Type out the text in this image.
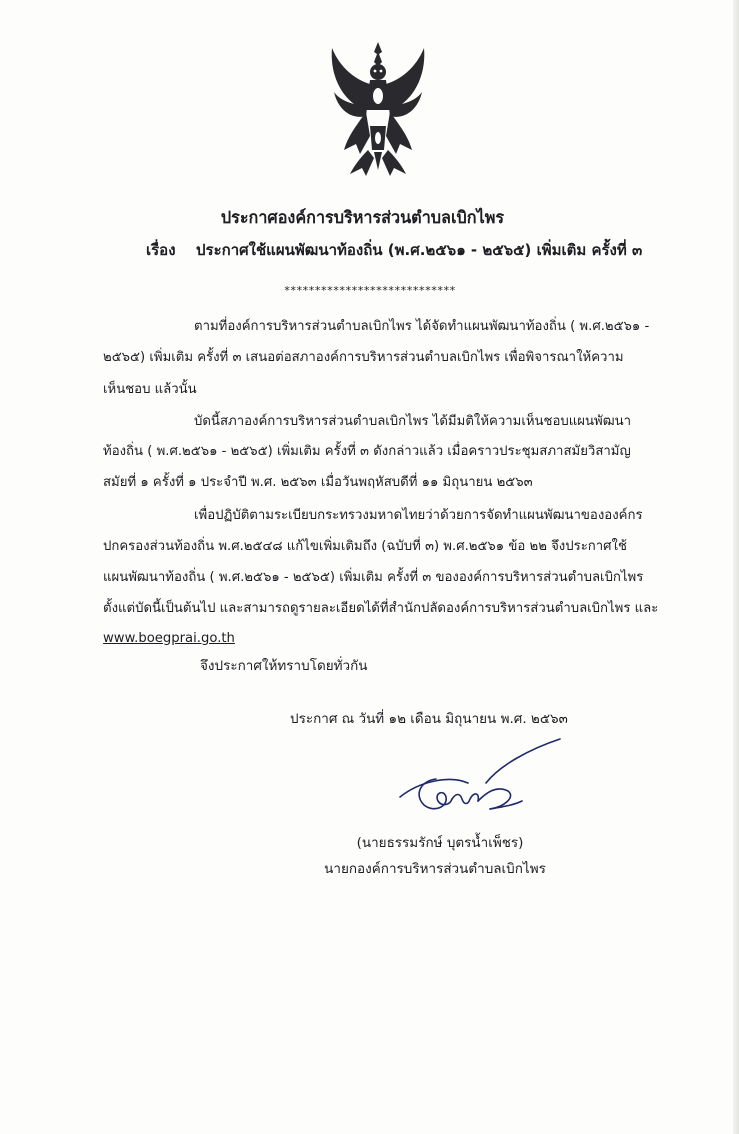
ประกาศองค์การบริหารส่วนตำบลเบิกไพร
เรื่อง ประกาศใช้แผนพัฒนาท้องถิ่น (พ.ศ.๒๕๖๑ - ๒๕๖๕) เพิ่มเติม ครั้งที่ ๓
****************************
ตามที่องค์การบริหารส่วนตำบลเบิกไพร ได้จัดทำแผนพัฒนาท้องถิ่น ( พ.ศ.๒๕๖๑ -
๒๕๖๕) เพิ่มเติม ครั้งที่ ๓ เสนอต่อสภาองค์การบริหารส่วนตำบลเบิกไพร เพื่อพิจารณาให้ความ
เห็นชอบ แล้วนั้น
บัดนี้สภาองค์การบริหารส่วนตำบลเบิกไพร ได้มีมติให้ความเห็นชอบแผนพัฒนา
ท้องถิ่น ( พ.ศ.๒๕๖๑ - ๒๕๖๕) เพิ่มเติม ครั้งที่ ๓ ดังกล่าวแล้ว เมื่อคราวประชุมสภาสมัยวิสามัญ
สมัยที่ ๑ ครั้งที่ ๑ ประจำปี พ.ศ. ๒๕๖๓ เมื่อวันพฤหัสบดีที่ ๑๑ มิถุนายน ๒๕๖๓
เพื่อปฏิบัติตามระเบียบกระทรวงมหาดไทยว่าด้วยการจัดทำแผนพัฒนาขององค์กร
ปกครองส่วนท้องถิ่น พ.ศ.๒๕๔๘ แก้ไขเพิ่มเติมถึง (ฉบับที่ ๓) พ.ศ.๒๕๖๑ ข้อ ๒๒ จึงประกาศใช้
แผนพัฒนาท้องถิ่น ( พ.ศ.๒๕๖๑ - ๒๕๖๕) เพิ่มเติม ครั้งที่ ๓ ขององค์การบริหารส่วนตำบลเบิกไพร
ตั้งแต่บัดนี้เป็นต้นไป และสามารถดูรายละเอียดได้ที่สำนักปลัดองค์การบริหารส่วนตำบลเบิกไพร และ
www.boegprai.go.th
จึงประกาศให้ทราบโดยทั่วกัน
ประกาศ ณ วันที่ ๑๒ เดือน มิถุนายน พ.ศ. ๒๕๖๓
(นายธรรมรักษ์ บุตรน้ำเพ็ชร)
นายกองค์การบริหารส่วนตำบลเบิกไพร
